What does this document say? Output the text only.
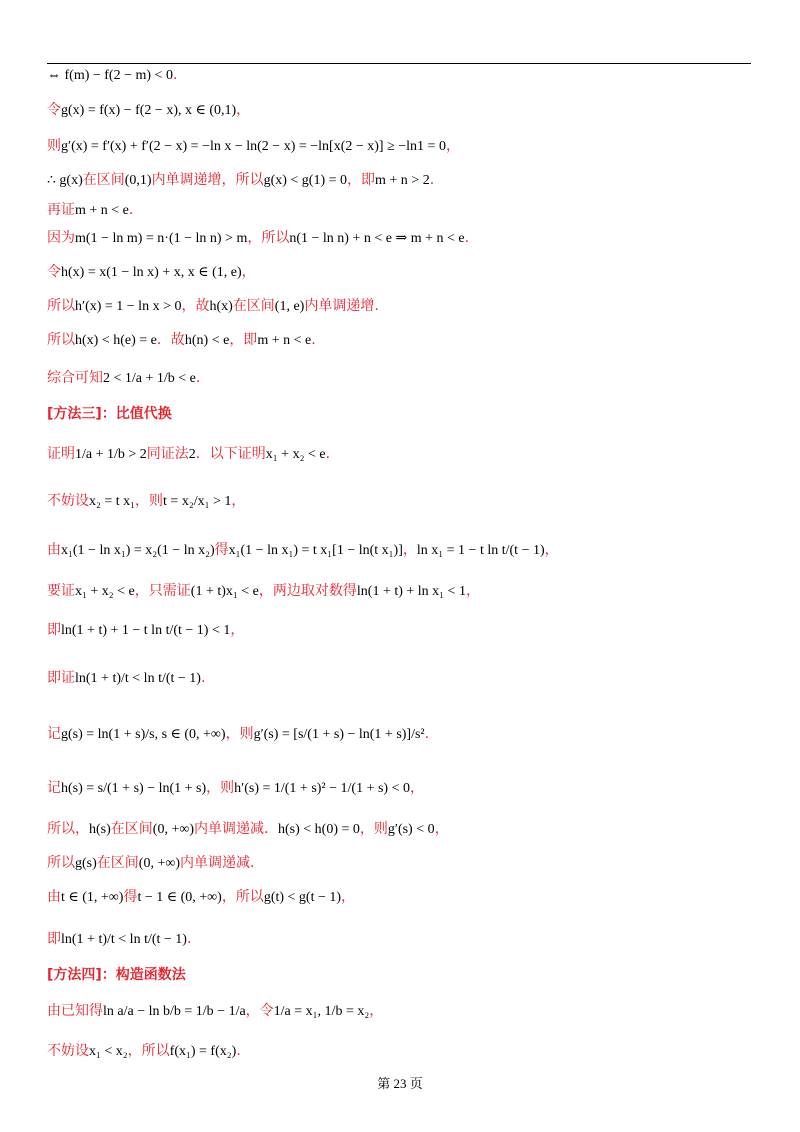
⇔ f(m) − f(2 − m) < 0.
令g(x) = f(x) − f(2 − x), x ∈ (0,1)，
则g′(x) = f′(x) + f′(2 − x) = −ln x − ln(2 − x) = −ln[x(2 − x)] ≥ −ln1 = 0，
∴ g(x)在区间(0,1)内单调递增，所以g(x) < g(1) = 0，即m + n > 2.
再证m + n < e.
因为m(1 − ln m) = n·(1 − ln n) > m，所以n(1 − ln n) + n < e ⇒ m + n < e.
令h(x) = x(1 − ln x) + x, x ∈ (1, e)，
所以h′(x) = 1 − ln x > 0，故h(x)在区间(1, e)内单调递增.
所以h(x) < h(e) = e．故h(n) < e，即m + n < e.
综合可知2 < 1/a + 1/b < e.
[方法三]：比值代换
证明1/a + 1/b > 2同证法2．以下证明x₁ + x₂ < e.
不妨设x₂ = t x₁，则t = x₂/x₁ > 1，
由x₁(1 − ln x₁) = x₂(1 − ln x₂)得x₁(1 − ln x₁) = t x₁[1 − ln(t x₁)]，ln x₁ = 1 − t ln t/(t − 1)，
要证x₁ + x₂ < e，只需证(1 + t)x₁ < e，两边取对数得ln(1 + t) + ln x₁ < 1，
即ln(1 + t) + 1 − t ln t/(t − 1) < 1，
即证ln(1 + t)/t < ln t/(t − 1).
记g(s) = ln(1 + s)/s, s ∈ (0, +∞)，则g′(s) = [s/(1 + s) − ln(1 + s)]/s².
记h(s) = s/(1 + s) − ln(1 + s)，则h′(s) = 1/(1 + s)² − 1/(1 + s) < 0，
所以，h(s)在区间(0, +∞)内单调递减．h(s) < h(0) = 0，则g′(s) < 0，
所以g(s)在区间(0, +∞)内单调递减.
由t ∈ (1, +∞)得t − 1 ∈ (0, +∞)，所以g(t) < g(t − 1)，
即ln(1 + t)/t < ln t/(t − 1).
[方法四]：构造函数法
由已知得ln a/a − ln b/b = 1/b − 1/a，令1/a = x₁, 1/b = x₂，
不妨设x₁ < x₂，所以f(x₁) = f(x₂).
第 23 页
